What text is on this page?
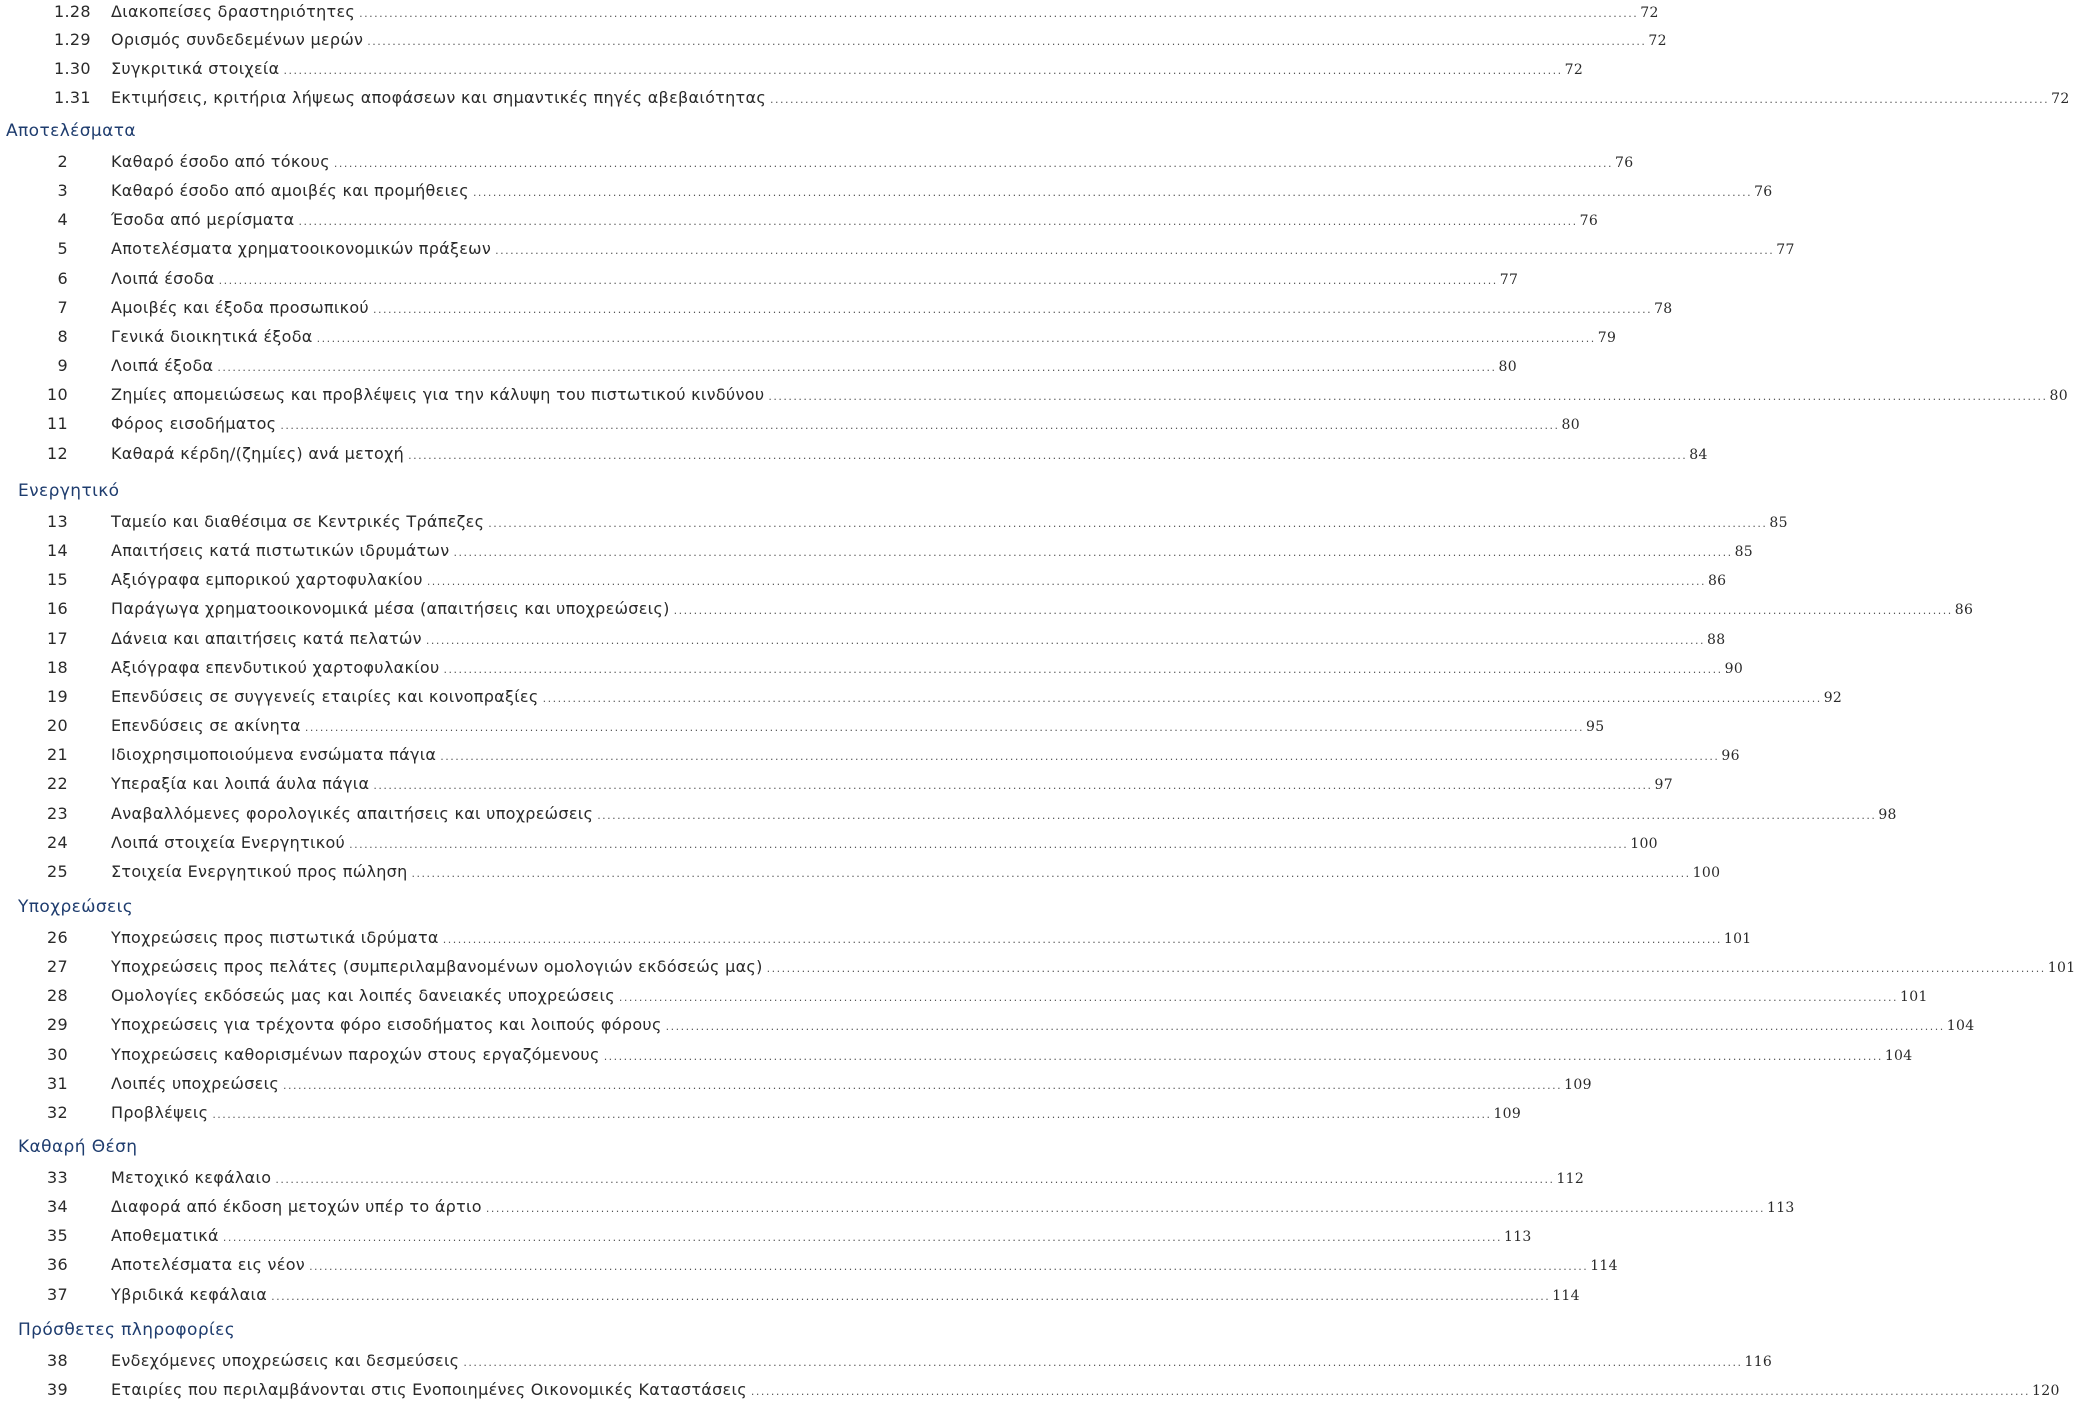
1.28 Διακοπείσες δραστηριότητες .....	72
1.29 Ορισμός συνδεδεμένων μερών .....	72
1.30 Συγκριτικά στοιχεία .....	72
1.31 Εκτιμήσεις, κριτήρια λήψεως αποφάσεων και σημαντικές πηγές αβεβαιότητας .....	72
Αποτελέσματα
2	Καθαρό έσοδο από τόκους .....	76
3	Καθαρό έσοδο από αμοιβές και προμήθειες .....	76
4	Έσοδα από μερίσματα .....	76
5	Αποτελέσματα χρηματοοικονομικών πράξεων .....	77
6	Λοιπά έσοδα .....	77
7	Αμοιβές και έξοδα προσωπικού .....	78
8	Γενικά διοικητικά έξοδα .....	79
9	Λοιπά έξοδα .....	80
10	Ζημίες απομειώσεως και προβλέψεις για την κάλυψη του πιστωτικού κινδύνου .....	80
11	Φόρος εισοδήματος .....	80
12	Καθαρά κέρδη/(ζημίες) ανά μετοχή .....	84
Ενεργητικό
13	Ταμείο και διαθέσιμα σε Κεντρικές Τράπεζες .....	85
14	Απαιτήσεις κατά πιστωτικών ιδρυμάτων .....	85
15	Αξιόγραφα εμπορικού χαρτοφυλακίου .....	86
16	Παράγωγα χρηματοοικονομικά μέσα (απαιτήσεις και υποχρεώσεις) .....	86
17	Δάνεια και απαιτήσεις κατά πελατών .....	88
18	Αξιόγραφα επενδυτικού χαρτοφυλακίου .....	90
19	Επενδύσεις σε συγγενείς εταιρίες και κοινοπραξίες .....	92
20	Επενδύσεις σε ακίνητα .....	95
21	Ιδιοχρησιμοποιούμενα ενσώματα πάγια .....	96
22	Υπεραξία και λοιπά άυλα πάγια .....	97
23	Αναβαλλόμενες φορολογικές απαιτήσεις και υποχρεώσεις .....	98
24	Λοιπά στοιχεία Ενεργητικού .....	100
25	Στοιχεία Ενεργητικού προς πώληση .....	100
Υποχρεώσεις
26	Υποχρεώσεις προς πιστωτικά ιδρύματα .....	101
27	Υποχρεώσεις προς πελάτες (συμπεριλαμβανομένων ομολογιών εκδόσεώς μας) .....	101
28	Ομολογίες εκδόσεώς μας και λοιπές δανειακές υποχρεώσεις .....	101
29	Υποχρεώσεις για τρέχοντα φόρο εισοδήματος και λοιπούς φόρους .....	104
30	Υποχρεώσεις καθορισμένων παροχών στους εργαζόμενους .....	104
31	Λοιπές υποχρεώσεις .....	109
32	Προβλέψεις .....	109
Καθαρή Θέση
33	Μετοχικό κεφάλαιο .....	112
34	Διαφορά από έκδοση μετοχών υπέρ το άρτιο .....	113
35	Αποθεματικά .....	113
36	Αποτελέσματα εις νέον .....	114
37	Υβριδικά κεφάλαια .....	114
Πρόσθετες πληροφορίες
38	Ενδεχόμενες υποχρεώσεις και δεσμεύσεις .....	116
39	Εταιρίες που περιλαμβάνονται στις Ενοποιημένες Οικονομικές Καταστάσεις .....	120
